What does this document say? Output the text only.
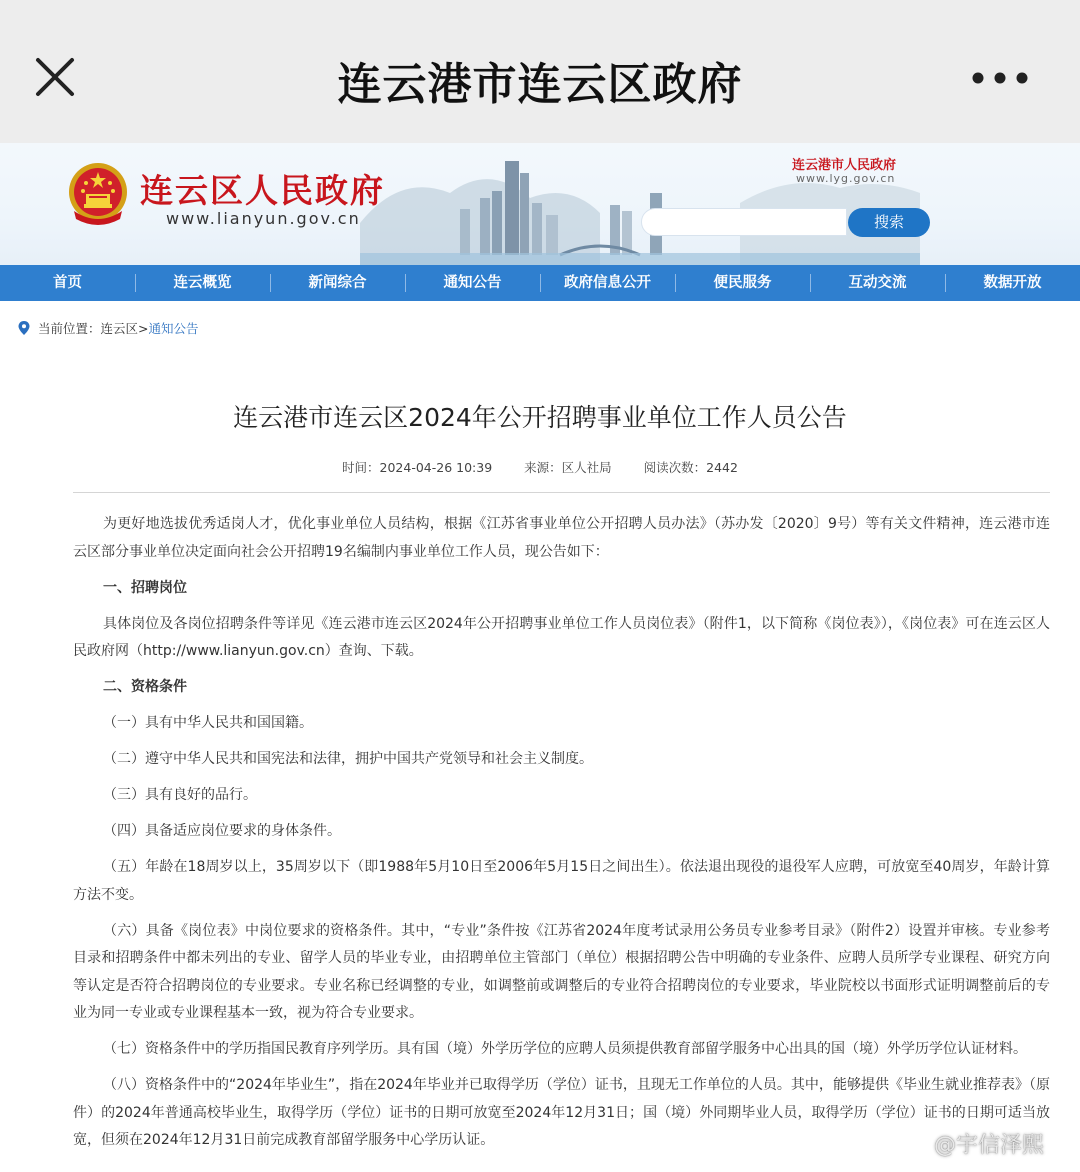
连云港市连云区政府
连云区人民政府
www.lianyun.gov.cn
连云港市人民政府
www.lyg.gov.cn
搜索
首页	连云概览	新闻综合	通知公告	政府信息公开	便民服务	互动交流	数据开放
当前位置： 连云区> 通知公告
连云港市连云区2024年公开招聘事业单位工作人员公告
时间：2024-04-26 10:39	来源：区人社局	阅读次数：2442

为更好地选拔优秀适岗人才，优化事业单位人员结构，根据《江苏省事业单位公开招聘人员办法》（苏办发〔2020〕9号）等有关文件精神，连云港市连云区部分事业单位决定面向社会公开招聘19名编制内事业单位工作人员，现公告如下：

一、招聘岗位

具体岗位及各岗位招聘条件等详见《连云港市连云区2024年公开招聘事业单位工作人员岗位表》（附件1，以下简称《岗位表》），《岗位表》可在连云区人民政府网（http://www.lianyun.gov.cn）查询、下载。

二、资格条件

（一）具有中华人民共和国国籍。

（二）遵守中华人民共和国宪法和法律，拥护中国共产党领导和社会主义制度。

（三）具有良好的品行。

（四）具备适应岗位要求的身体条件。

（五）年龄在18周岁以上，35周岁以下（即1988年5月10日至2006年5月15日之间出生）。依法退出现役的退役军人应聘，可放宽至40周岁，年龄计算方法不变。

（六）具备《岗位表》中岗位要求的资格条件。其中，“专业”条件按《江苏省2024年度考试录用公务员专业参考目录》（附件2）设置并审核。专业参考目录和招聘条件中都未列出的专业、留学人员的毕业专业，由招聘单位主管部门（单位）根据招聘公告中明确的专业条件、应聘人员所学专业课程、研究方向等认定是否符合招聘岗位的专业要求。专业名称已经调整的专业，如调整前或调整后的专业符合招聘岗位的专业要求，毕业院校以书面形式证明调整前后的专业为同一专业或专业课程基本一致，视为符合专业要求。

（七）资格条件中的学历指国民教育序列学历。具有国（境）外学历学位的应聘人员须提供教育部留学服务中心出具的国（境）外学历学位认证材料。

（八）资格条件中的“2024年毕业生”，指在2024年毕业并已取得学历（学位）证书，且现无工作单位的人员。其中，能够提供《毕业生就业推荐表》（原件）的2024年普通高校毕业生，取得学历（学位）证书的日期可放宽至2024年12月31日；国（境）外同期毕业人员，取得学历（学位）证书的日期可适当放宽，但须在2024年12月31日前完成教育部留学服务中心学历认证。	@宇信泽熙
